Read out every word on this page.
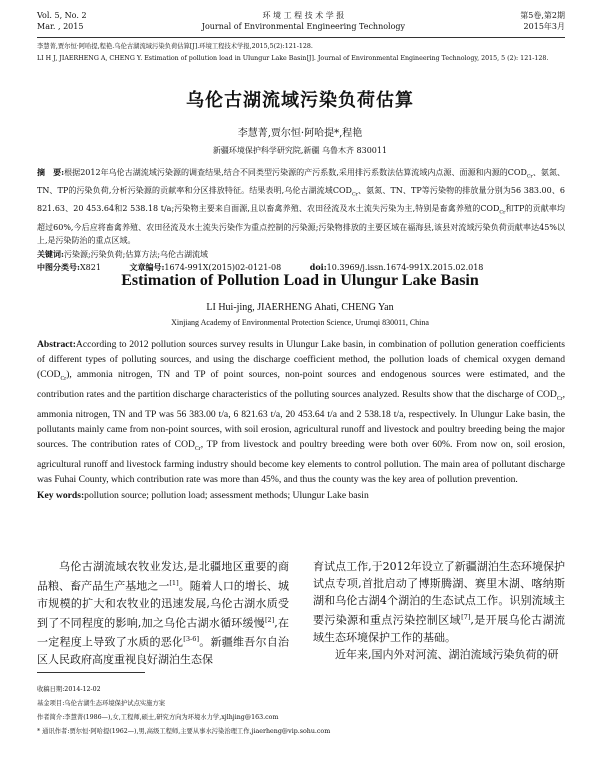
Vol. 5, No. 2
Mar. , 2015
环 境 工 程 技 术 学 报
Journal of Environmental Engineering Technology
第5卷,第2期
2015年3月
李慧菁,贾尔恒·阿哈提,程艳.乌伦古湖流域污染负荷估算[J].环境工程技术学报,2015,5(2):121-128.
LI H J, JIAERHENG A, CHENG Y. Estimation of pollution load in Ulungur Lake Basin[J]. Journal of Environmental Engineering Technology, 2015, 5 (2): 121-128.
乌伦古湖流域污染负荷估算
李慧菁,贾尔恒·阿哈提*,程艳
新疆环境保护科学研究院,新疆 乌鲁木齐 830011
摘　要:根据2012年乌伦古湖流域污染源的调查结果,结合不同类型污染源的产污系数,采用排污系数法估算流域内点源、面源和内源的$COD_{Cr}$、氨氮、TN、TP的污染负荷,分析污染源的贡献率和分区排放特征。结果表明,乌伦古湖流域$COD_{Cr}$、氨氮、TN、TP等污染物的排放量分别为56 383.00、6 821.63、20 453.64和2 538.18 t/a;污染物主要来自面源,且以畜禽养殖、农田径流及水土流失污染为主,特别是畜禽养殖的$COD_{Cr}$和TP的贡献率均超过60%,今后应将畜禽养殖、农田径流及水土流失污染作为重点控制的污染源;污染物排放的主要区域在福海县,该县对流域污染负荷贡献率达45%以上,是污染防治的重点区域。
关键词:污染源;污染负荷;估算方法;乌伦古湖流域
中图分类号:X821	文章编号:1674-991X(2015)02-0121-08	doi:10.3969/j.issn.1674-991X.2015.02.018
Estimation of Pollution Load in Ulungur Lake Basin
LI Hui-jing, JIAERHENG Ahati, CHENG Yan
Xinjiang Academy of Environmental Protection Science, Urumqi 830011, China
Abstract:According to 2012 pollution sources survey results in Ulungur Lake basin, in combination of pollution generation coefficients of different types of polluting sources, and using the discharge coefficient method, the pollution loads of chemical oxygen demand $(COD_{Cr})$, ammonia nitrogen, TN and TP of point sources, non-point sources and endogenous sources were estimated, and the contribution rates and the partition discharge characteristics of the polluting sources analyzed. Results show that the discharge of $COD_{Cr}$, ammonia nitrogen, TN and TP was 56 383.00 t/a, 6 821.63 t/a, 20 453.64 t/a and 2 538.18 t/a, respectively. In Ulungur Lake basin, the pollutants mainly came from non-point sources, with soil erosion, agricultural runoff and livestock and poultry breeding being the major sources. The contribution rates of $COD_{Cr}$, TP from livestock and poultry breeding were both over 60%. From now on, soil erosion, agricultural runoff and livestock farming industry should become key elements to control pollution. The main area of pollutant discharge was Fuhai County, which contribution rate was more than 45%, and thus the county was the key area of pollution prevention.
Key words:pollution source; pollution load; assessment methods; Ulungur Lake basin

乌伦古湖流域农牧业发达,是北疆地区重要的商品粮、畜产品生产基地之一[1]。随着人口的增长、城市规模的扩大和农牧业的迅速发展,乌伦古湖水质受到了不同程度的影响,加之乌伦古湖水循环缓慢[2],在一定程度上导致了水质的恶化[3-6]。新疆维吾尔自治区人民政府高度重视良好湖泊生态保

育试点工作,于2012年设立了新疆湖泊生态环境保护试点专项,首批启动了博斯腾湖、赛里木湖、喀纳斯湖和乌伦古湖4个湖泊的生态试点工作。识别流域主要污染源和重点污染控制区域[7],是开展乌伦古湖流域生态环境保护工作的基础。

近年来,国内外对河流、湖泊流域污染负荷的研

收稿日期:2014-12-02
基金项目:乌伦古湖生态环境保护试点实施方案
作者简介:李慧菁(1986—),女,工程师,硕士,研究方向为环境水力学,xjlhjing@163.com
* 通讯作者:贾尔恒·阿哈提(1962—),男,高级工程师,主要从事水污染治理工作,jiaerheng@vip.sohu.com
